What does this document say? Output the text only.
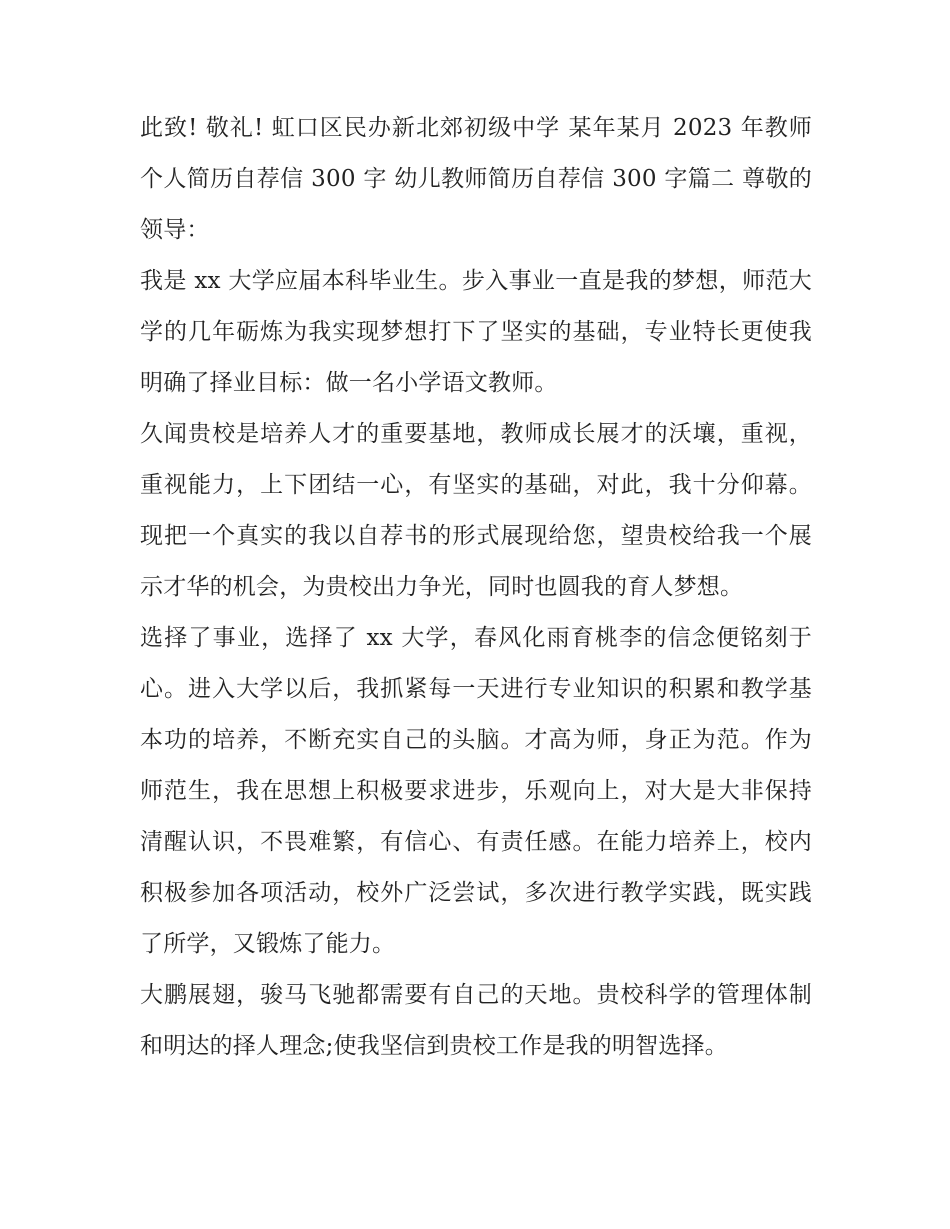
此致! 敬礼! 虹口区民办新北郊初级中学 某年某月 2023 年教师个人简历自荐信 300 字 幼儿教师简历自荐信 300 字篇二 尊敬的领导：

我是 xx 大学应届本科毕业生。步入事业一直是我的梦想，师范大学的几年砺炼为我实现梦想打下了坚实的基础，专业特长更使我明确了择业目标：做一名小学语文教师。

久闻贵校是培养人才的重要基地，教师成长展才的沃壤，重视，重视能力，上下团结一心，有坚实的基础，对此，我十分仰幕。现把一个真实的我以自荐书的形式展现给您，望贵校给我一个展示才华的机会，为贵校出力争光，同时也圆我的育人梦想。

选择了事业，选择了 xx 大学，春风化雨育桃李的信念便铭刻于心。进入大学以后，我抓紧每一天进行专业知识的积累和教学基本功的培养，不断充实自己的头脑。才高为师，身正为范。作为师范生，我在思想上积极要求进步，乐观向上，对大是大非保持清醒认识，不畏难繁，有信心、有责任感。在能力培养上，校内积极参加各项活动，校外广泛尝试，多次进行教学实践，既实践了所学，又锻炼了能力。

大鹏展翅，骏马飞驰都需要有自己的天地。贵校科学的管理体制和明达的择人理念;使我坚信到贵校工作是我的明智选择。
